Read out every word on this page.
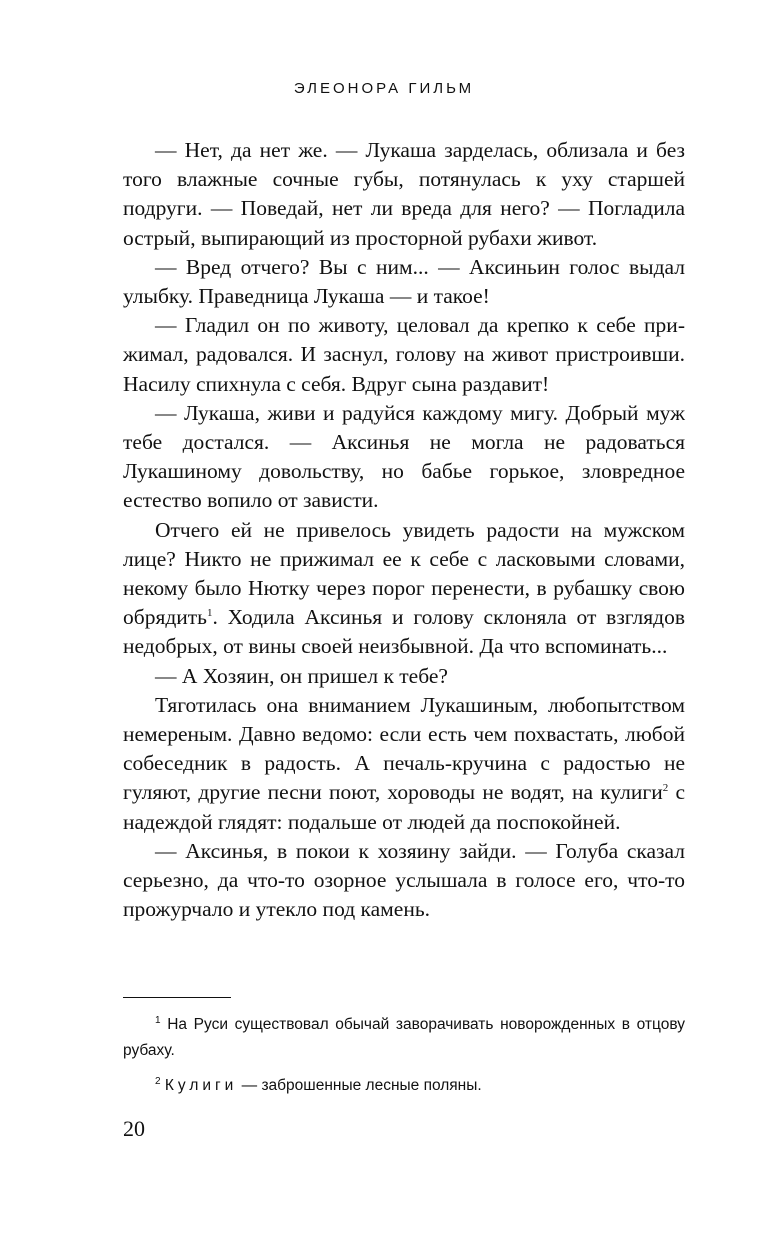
ЭЛЕОНОРА ГИЛЬМ

— Нет, да нет же. — Лукаша зарделась, облизала и без того влажные сочные губы, потянулась к уху старшей подруги. — Поведай, нет ли вреда для него? — Погладила острый, выпирающий из просторной рубахи живот.

— Вред отчего? Вы с ним... — Аксиньин голос выдал улыбку. Праведница Лукаша — и такое!

— Гладил он по животу, целовал да крепко к себе прижимал, радовался. И заснул, голову на живот пристроивши. Насилу спихнула с себя. Вдруг сына раздавит!

— Лукаша, живи и радуйся каждому мигу. Добрый муж тебе достался. — Аксинья не могла не радоваться Лукашиному довольству, но бабье горькое, зловредное естество вопило от зависти.

Отчего ей не привелось увидеть радости на мужском лице? Никто не прижимал ее к себе с ласковыми словами, некому было Нютку через порог перенести, в рубашку свою обрядить$^1$. Ходила Аксинья и голову склоняла от взглядов недобрых, от вины своей неизбывной. Да что вспоминать...

— А Хозяин, он пришел к тебе?

Тяготилась она вниманием Лукашиным, любопытством немереным. Давно ведомо: если есть чем похвастать, любой собеседник в радость. А печаль-кручина с радостью не гуляют, другие песни поют, хороводы не водят, на кулиги$^2$ с надеждой глядят: подальше от людей да поспокойней.

— Аксинья, в покои к хозяину зайди. — Голуба сказал серьезно, да что-то озорное услышала в голосе его, что-то прожурчало и утекло под камень.

$^1$ На Руси существовал обычай заворачивать новорожденных в отцову рубаху.

$^2$ Кулиги — заброшенные лесные поляны.

20
